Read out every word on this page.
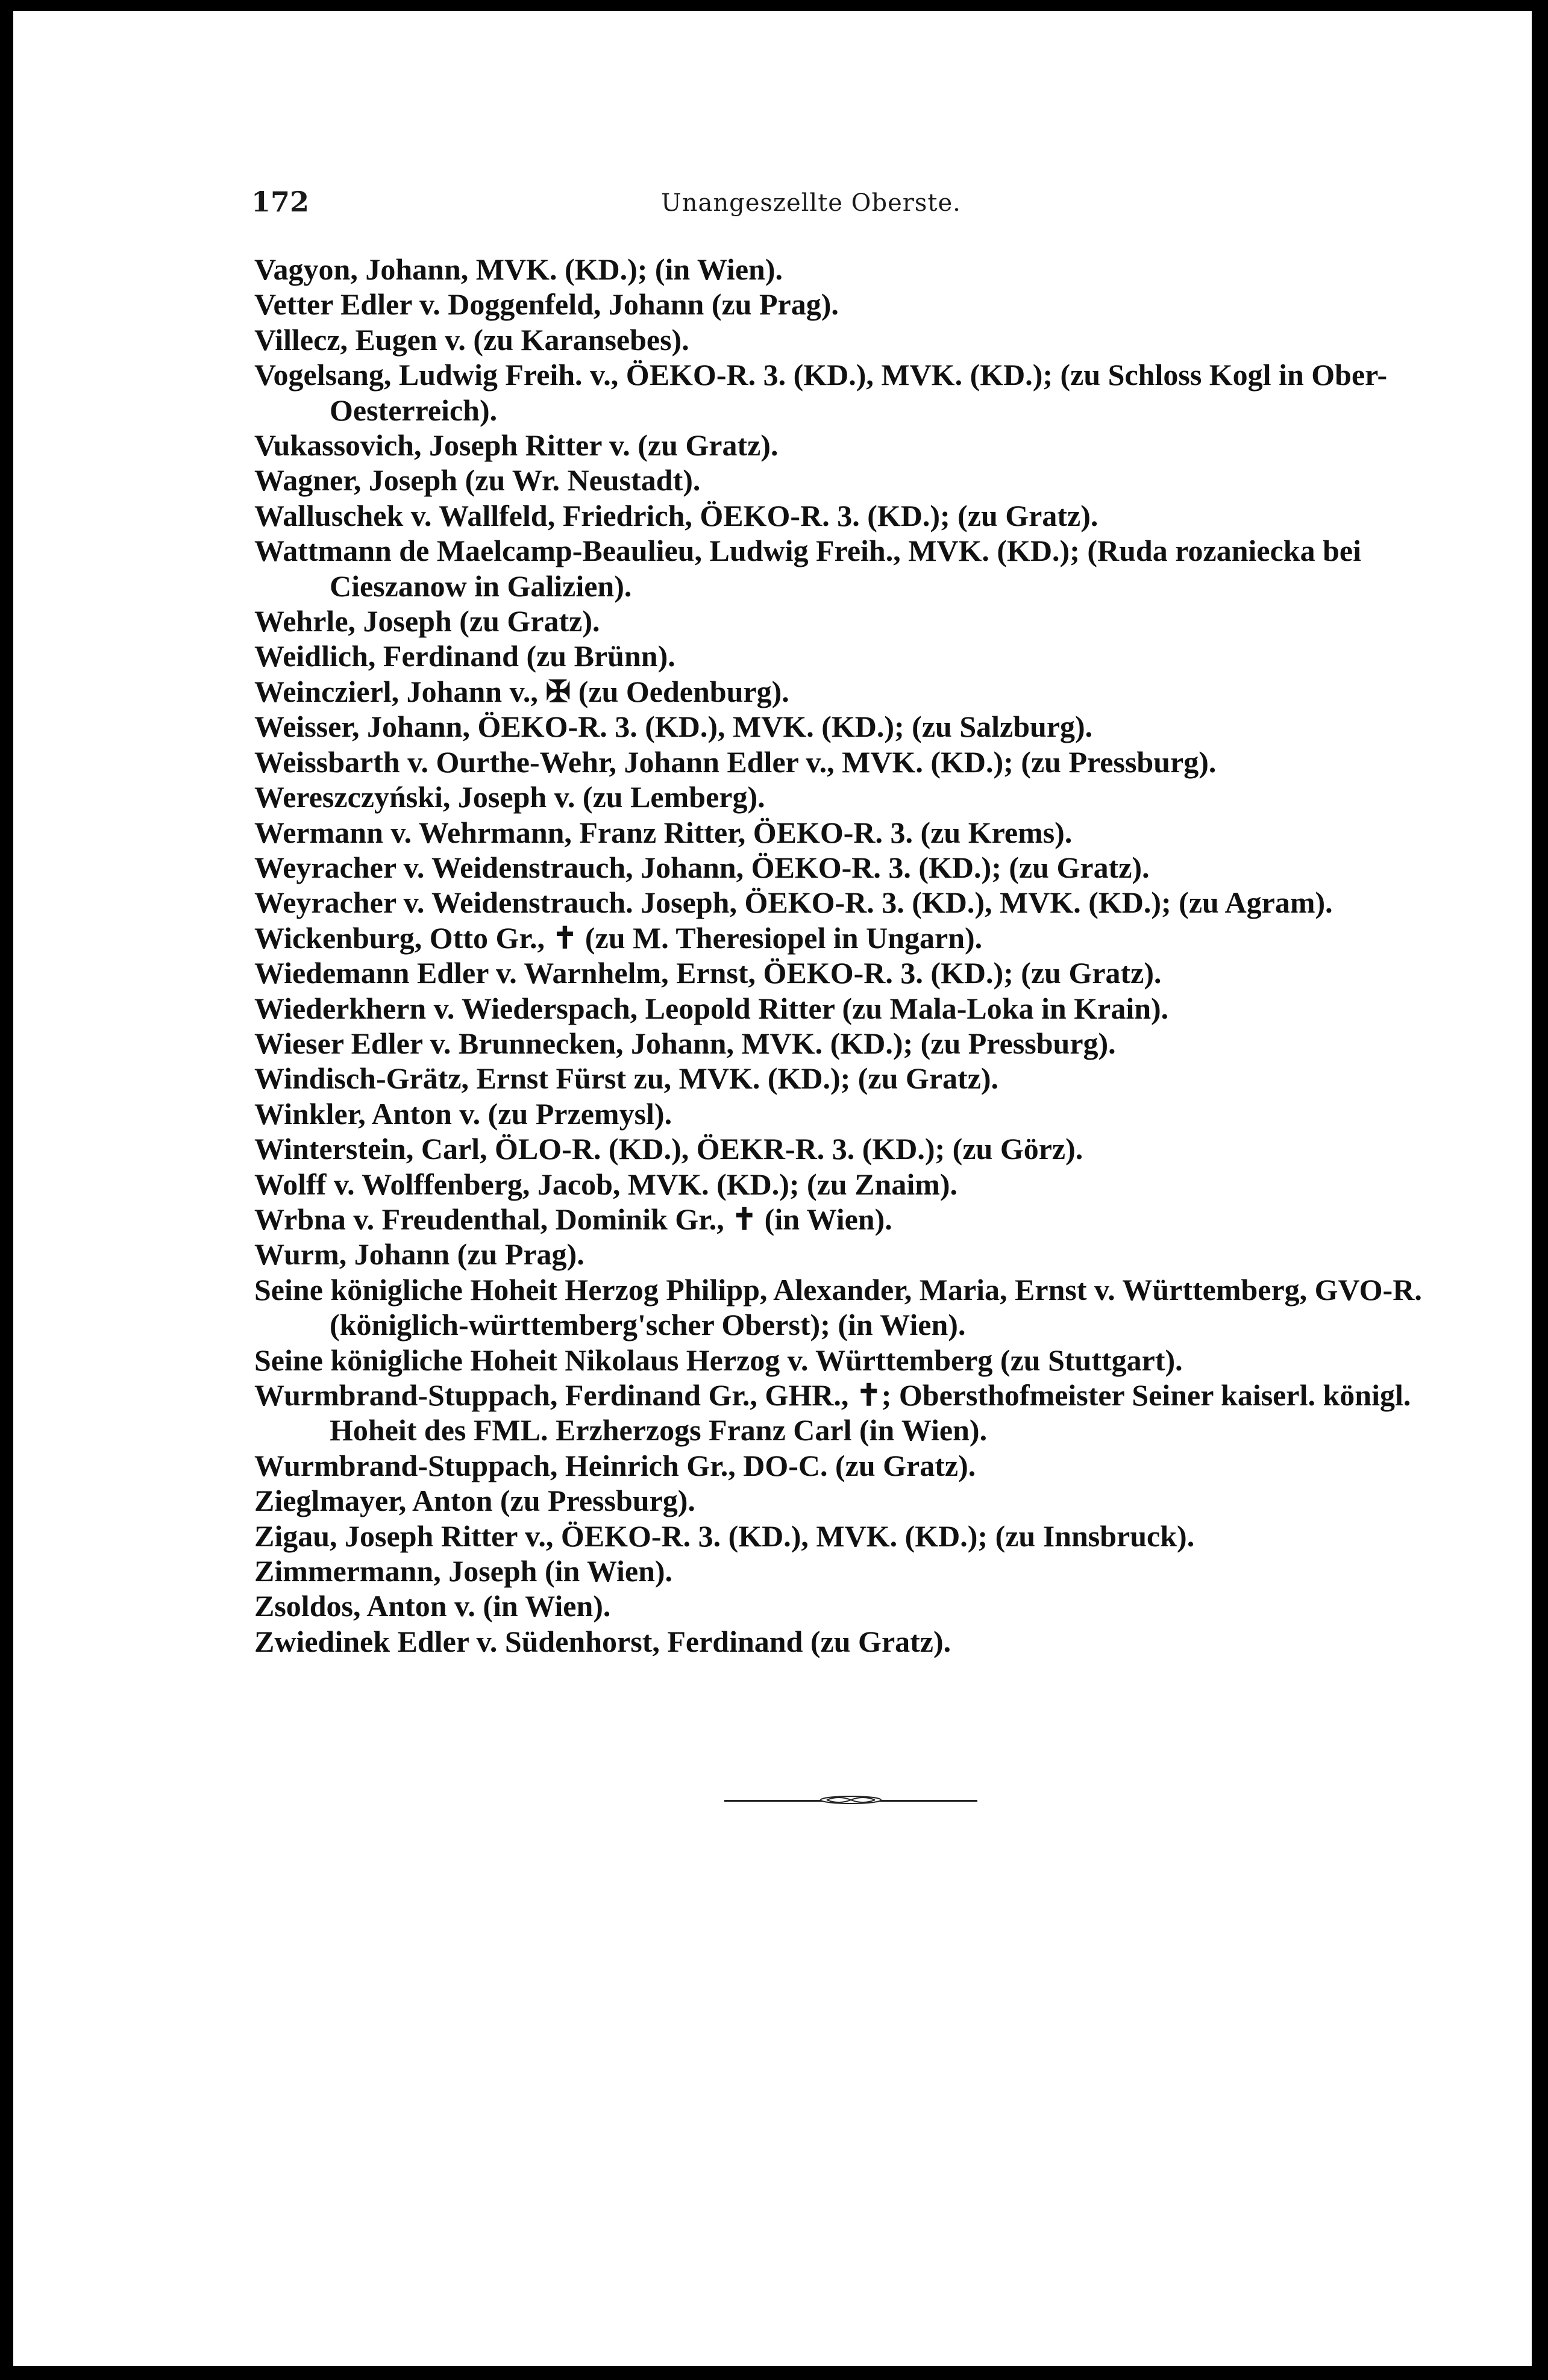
172	Unangeszellte Oberste.
Vagyon, Johann, MVK. (KD.); (in Wien).
Vetter Edler v. Doggenfeld, Johann (zu Prag).
Villecz, Eugen v. (zu Karansebes).
Vogelsang, Ludwig Freih. v., ÖEKO-R. 3. (KD.), MVK. (KD.); (zu Schloss Kogl in Ober-Oesterreich).
Vukassovich, Joseph Ritter v. (zu Gratz).
Wagner, Joseph (zu Wr. Neustadt).
Walluschek v. Wallfeld, Friedrich, ÖEKO-R. 3. (KD.); (zu Gratz).
Wattmann de Maelcamp-Beaulieu, Ludwig Freih., MVK. (KD.); (Ruda rozaniecka bei Cieszanow in Galizien).
Wehrle, Joseph (zu Gratz).
Weidlich, Ferdinand (zu Brünn).
Weinczierl, Johann v., ✠ (zu Oedenburg).
Weisser, Johann, ÖEKO-R. 3. (KD.), MVK. (KD.); (zu Salzburg).
Weissbarth v. Ourthe-Wehr, Johann Edler v., MVK. (KD.); (zu Pressburg).
Wereszczyński, Joseph v. (zu Lemberg).
Wermann v. Wehrmann, Franz Ritter, ÖEKO-R. 3. (zu Krems).
Weyracher v. Weidenstrauch, Johann, ÖEKO-R. 3. (KD.); (zu Gratz).
Weyracher v. Weidenstrauch. Joseph, ÖEKO-R. 3. (KD.), MVK. (KD.); (zu Agram).
Wickenburg, Otto Gr., ✝ (zu M. Theresiopel in Ungarn).
Wiedemann Edler v. Warnhelm, Ernst, ÖEKO-R. 3. (KD.); (zu Gratz).
Wiederkhern v. Wiederspach, Leopold Ritter (zu Mala-Loka in Krain).
Wieser Edler v. Brunnecken, Johann, MVK. (KD.); (zu Pressburg).
Windisch-Grätz, Ernst Fürst zu, MVK. (KD.); (zu Gratz).
Winkler, Anton v. (zu Przemysl).
Winterstein, Carl, ÖLO-R. (KD.), ÖEKR-R. 3. (KD.); (zu Görz).
Wolff v. Wolffenberg, Jacob, MVK. (KD.); (zu Znaim).
Wrbna v. Freudenthal, Dominik Gr., ✝ (in Wien).
Wurm, Johann (zu Prag).
Seine königliche Hoheit Herzog Philipp, Alexander, Maria, Ernst v. Württemberg, GVO-R. (königlich-württemberg'scher Oberst); (in Wien).
Seine königliche Hoheit Nikolaus Herzog v. Württemberg (zu Stuttgart).
Wurmbrand-Stuppach, Ferdinand Gr., GHR., ✝; Obersthofmeister Seiner kaiserl. königl. Hoheit des FML. Erzherzogs Franz Carl (in Wien).
Wurmbrand-Stuppach, Heinrich Gr., DO-C. (zu Gratz).
Zieglmayer, Anton (zu Pressburg).
Zigau, Joseph Ritter v., ÖEKO-R. 3. (KD.), MVK. (KD.); (zu Innsbruck).
Zimmermann, Joseph (in Wien).
Zsoldos, Anton v. (in Wien).
Zwiedinek Edler v. Südenhorst, Ferdinand (zu Gratz).
